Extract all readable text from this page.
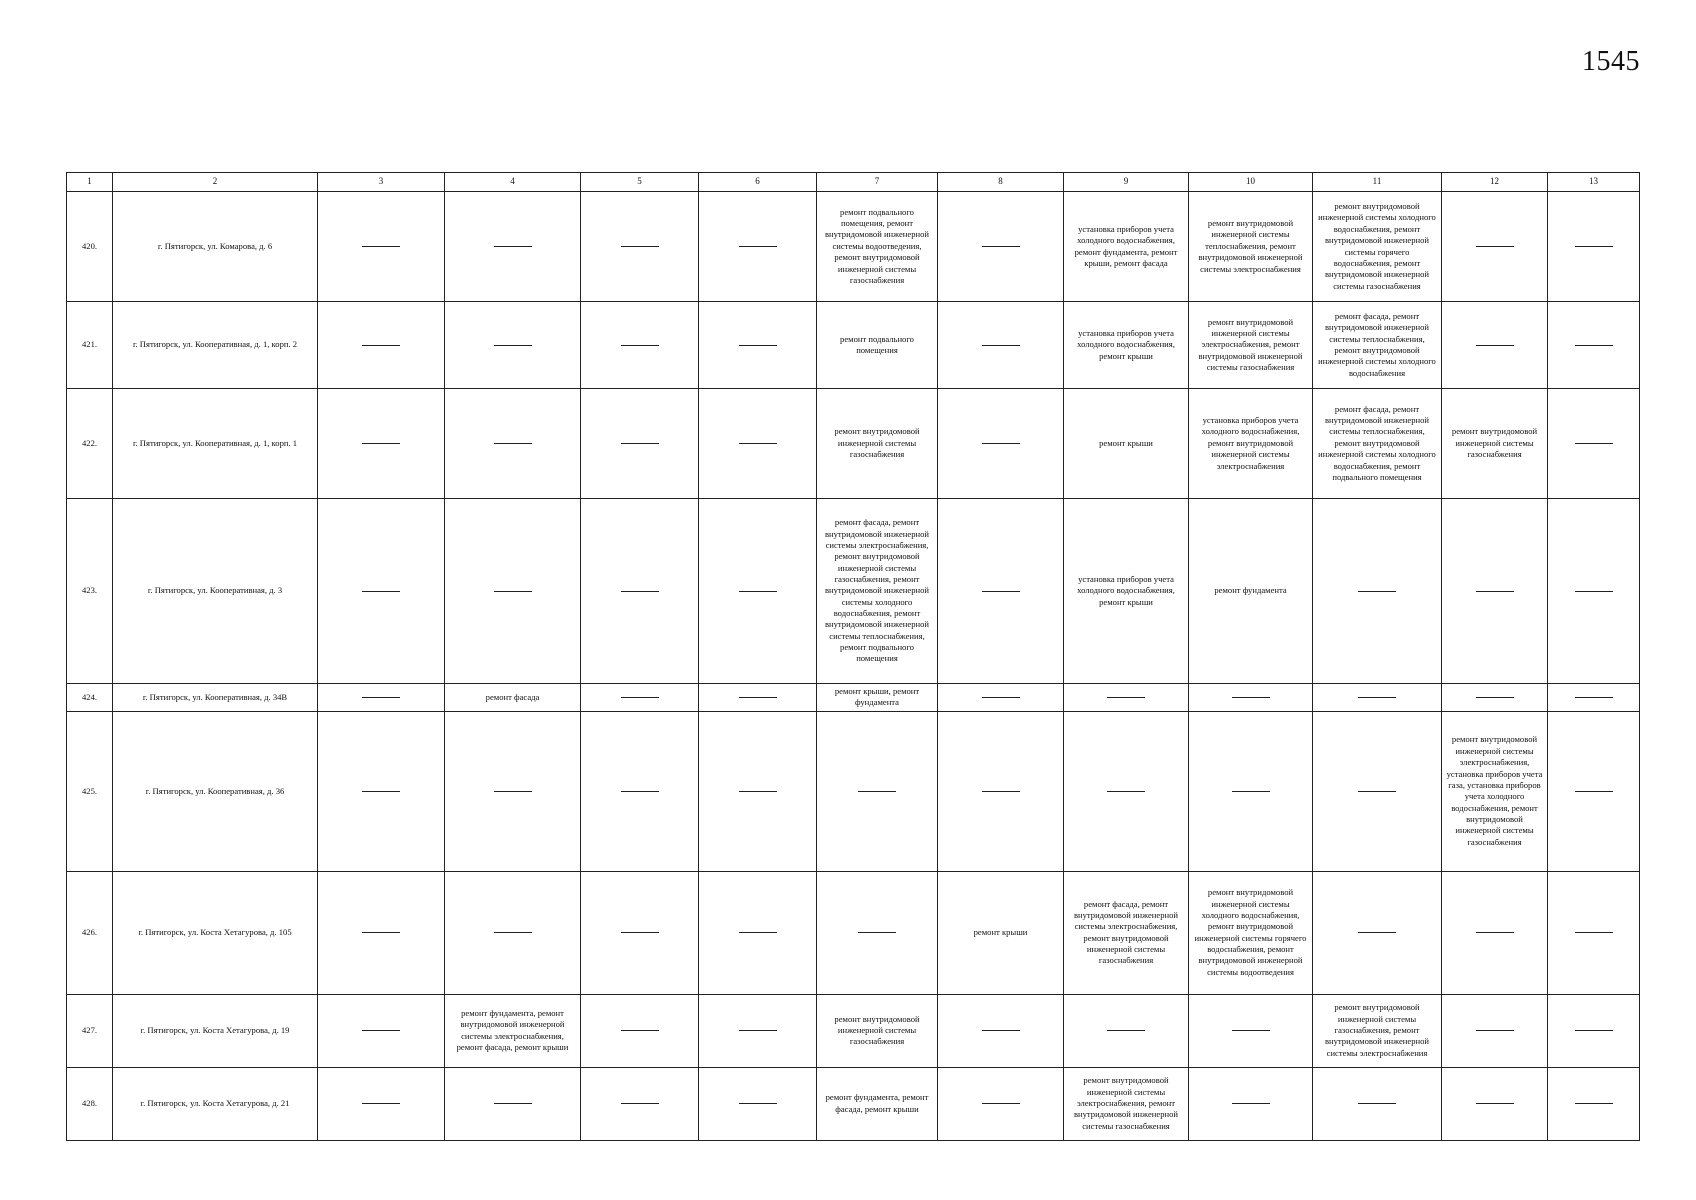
1545
1	2	3	4	5	6	7	8	9	10	11	12	13
420.	г. Пятигорск, ул. Комарова, д. 6					ремонт подвального помещения, ремонт внутридомовой инженерной системы водоотведения, ремонт внутридомовой инженерной системы газоснабжения		установка приборов учета холодного водоснабжения, ремонт фундамента, ремонт крыши, ремонт фасада	ремонт внутридомовой инженерной системы теплоснабжения, ремонт внутридомовой инженерной системы электроснабжения	ремонт внутридомовой инженерной системы холодного водоснабжения, ремонт внутридомовой инженерной системы горячего водоснабжения, ремонт внутридомовой инженерной системы газоснабжения	

421.	г. Пятигорск, ул. Кооперативная, д. 1, корп. 2					ремонт подвального помещения		установка приборов учета холодного водоснабжения, ремонт крыши	ремонт внутридомовой инженерной системы электроснабжения, ремонт внутридомовой инженерной системы газоснабжения	ремонт фасада, ремонт внутридомовой инженерной системы теплоснабжения, ремонт внутридомовой инженерной системы холодного водоснабжения	

422.	г. Пятигорск, ул. Кооперативная, д. 1, корп. 1					ремонт внутридомовой инженерной системы газоснабжения		ремонт крыши	установка приборов учета холодного водоснабжения, ремонт внутридомовой инженерной системы электроснабжения	ремонт фасада, ремонт внутридомовой инженерной системы теплоснабжения, ремонт внутридомовой инженерной системы холодного водоснабжения, ремонт подвального помещения	ремонт внутридомовой инженерной системы газоснабжения	

423.	г. Пятигорск, ул. Кооперативная, д. 3					ремонт фасада, ремонт внутридомовой инженерной системы электроснабжения, ремонт внутридомовой инженерной системы газоснабжения, ремонт внутридомовой инженерной системы холодного водоснабжения, ремонт внутридомовой инженерной системы теплоснабжения, ремонт подвального помещения		установка приборов учета холодного водоснабжения, ремонт крыши	ремонт фундамента	

424.	г. Пятигорск, ул. Кооперативная, д. 34В		ремонт фасада			ремонт крыши, ремонт фундамента	

425.	г. Пятигорск, ул. Кооперативная, д. 36										ремонт внутридомовой инженерной системы электроснабжения, установка приборов учета газа, установка приборов учета холодного водоснабжения, ремонт внутридомовой инженерной системы газоснабжения	

426.	г. Пятигорск, ул. Коста Хетагурова, д. 105						ремонт крыши	ремонт фасада, ремонт внутридомовой инженерной системы электроснабжения, ремонт внутридомовой инженерной системы газоснабжения	ремонт внутридомовой инженерной системы холодного водоснабжения, ремонт внутридомовой инженерной системы горячего водоснабжения, ремонт внутридомовой инженерной системы водоотведения	

427.	г. Пятигорск, ул. Коста Хетагурова, д. 19		ремонт фундамента, ремонт внутридомовой инженерной системы электроснабжения, ремонт фасада, ремонт крыши			ремонт внутридомовой инженерной системы газоснабжения				ремонт внутридомовой инженерной системы газоснабжения, ремонт внутридомовой инженерной системы электроснабжения	

428.	г. Пятигорск, ул. Коста Хетагурова, д. 21					ремонт фундамента, ремонт фасада, ремонт крыши		ремонт внутридомовой инженерной системы электроснабжения, ремонт внутридомовой инженерной системы газоснабжения	
